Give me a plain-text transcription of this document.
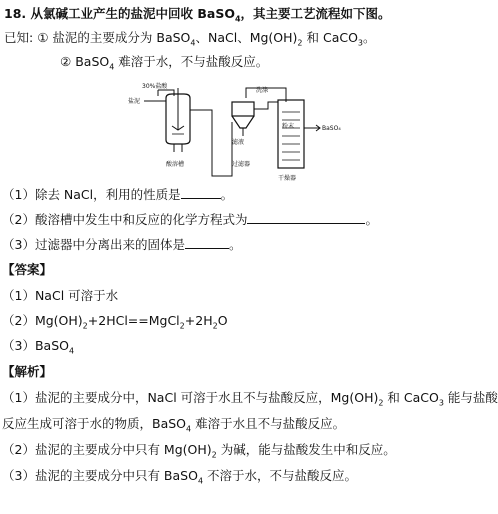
18. 从氯碱工业产生的盐泥中回收 BaSO$_4$，其主要工艺流程如下图。
已知: ① 盐泥的主要成分为 BaSO$_4$、NaCl、$Mg(OH)_2$ 和 CaCO$_3$。
② BaSO$_4$ 难溶于水，不与盐酸反应。
30%盐酸
盐泥
洗涤
滤液
粉末	BaSO₄
酸溶槽	过滤器
干燥器
（1）除去 NaCl，利用的性质是	。
（2）酸溶槽中发生中和反应的化学方程式为	。
（3）过滤器中分离出来的固体是	。
【答案】
（1）NaCl 可溶于水
$(2)Mg(OH)_2+2HCl==MgCl_2+2H_2O$
（3）BaSO$_4$
【解析】
（1）盐泥的主要成分中，NaCl 可溶于水且不与盐酸反应，$Mg(OH)_2$ 和 CaCO$_3$ 能与盐酸
反应生成可溶于水的物质，BaSO$_4$ 难溶于水且不与盐酸反应。
（2）盐泥的主要成分中只有 $Mg(OH)_2$ 为碱，能与盐酸发生中和反应。
（3）盐泥的主要成分中只有 BaSO$_4$ 不溶于水，不与盐酸反应。
